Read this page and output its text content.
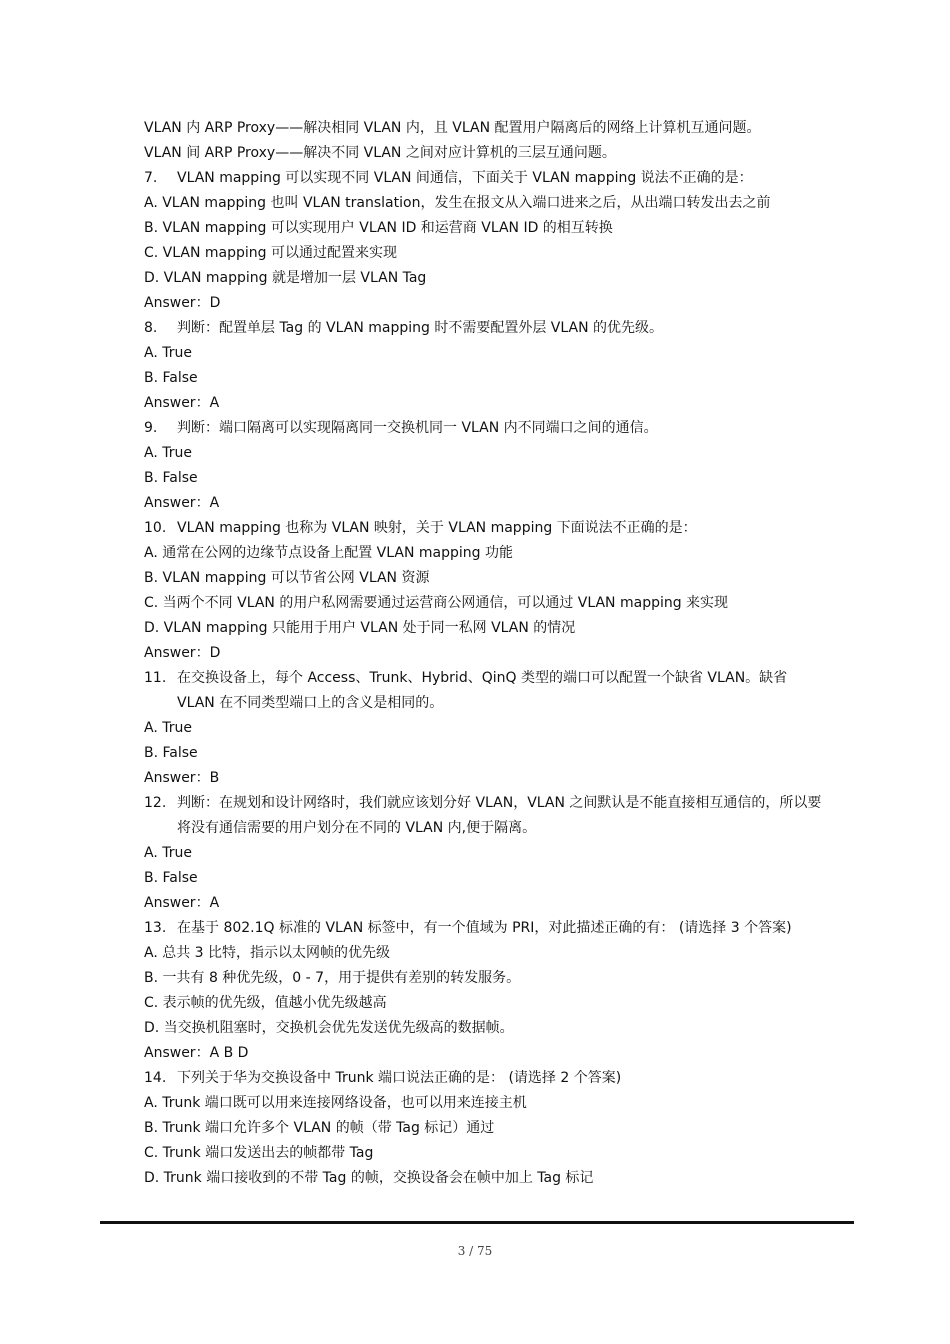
VLAN 内 ARP Proxy——解决相同 VLAN 内，且 VLAN 配置用户隔离后的网络上计算机互通问题。
VLAN 间 ARP Proxy——解决不同 VLAN 之间对应计算机的三层互通问题。
7.	VLAN mapping 可以实现不同 VLAN 间通信，下面关于 VLAN mapping 说法不正确的是：
A. VLAN mapping 也叫 VLAN translation，发生在报文从入端口进来之后，从出端口转发出去之前
B. VLAN mapping 可以实现用户 VLAN ID 和运营商 VLAN ID 的相互转换
C. VLAN mapping 可以通过配置来实现
D. VLAN mapping 就是增加一层 VLAN Tag
Answer：D
8.	判断：配置单层 Tag 的 VLAN mapping 时不需要配置外层 VLAN 的优先级。
A. True
B. False
Answer：A
9.	判断：端口隔离可以实现隔离同一交换机同一 VLAN 内不同端口之间的通信。
A. True
B. False
Answer：A
10. VLAN mapping 也称为 VLAN 映射，关于 VLAN mapping 下面说法不正确的是：
A. 通常在公网的边缘节点设备上配置 VLAN mapping 功能
B. VLAN mapping 可以节省公网 VLAN 资源
C. 当两个不同 VLAN 的用户私网需要通过运营商公网通信，可以通过 VLAN mapping 来实现
D. VLAN mapping 只能用于用户 VLAN 处于同一私网 VLAN 的情况
Answer：D
11. 在交换设备上，每个 Access、Trunk、Hybrid、QinQ 类型的端口可以配置一个缺省 VLAN。缺省 VLAN 在不同类型端口上的含义是相同的。
A. True
B. False
Answer：B
12. 判断：在规划和设计网络时，我们就应该划分好 VLAN，VLAN 之间默认是不能直接相互通信的，所以要将没有通信需要的用户划分在不同的 VLAN 内,便于隔离。
A. True
B. False
Answer：A
13. 在基于 802.1Q 标准的 VLAN 标签中，有一个值域为 PRI，对此描述正确的有： (请选择 3 个答案)
A. 总共 3 比特，指示以太网帧的优先级
B. 一共有 8 种优先级，0 - 7，用于提供有差别的转发服务。
C. 表示帧的优先级，值越小优先级越高
D. 当交换机阻塞时，交换机会优先发送优先级高的数据帧。
Answer：A B D
14. 下列关于华为交换设备中 Trunk 端口说法正确的是： (请选择 2 个答案)
A. Trunk 端口既可以用来连接网络设备，也可以用来连接主机
B. Trunk 端口允许多个 VLAN 的帧（带 Tag 标记）通过
C. Trunk 端口发送出去的帧都带 Tag
D. Trunk 端口接收到的不带 Tag 的帧，交换设备会在帧中加上 Tag 标记
3 / 75
